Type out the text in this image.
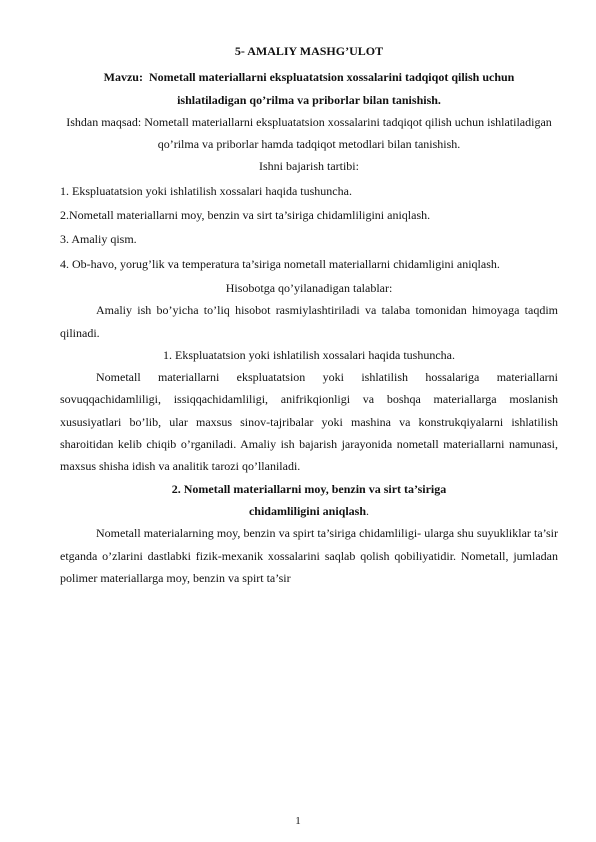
5- AMALIY MASHG’ULOT

Mavzu: Nometall materiallarni ekspluatatsion xossalarini tadqiqot qilish uchun ishlatiladigan qo’rilma va priborlar bilan tanishish.

Ishdan maqsad: Nometall materiallarni ekspluatatsion xossalarini tadqiqot qilish uchun ishlatiladigan qo’rilma va priborlar hamda tadqiqot metodlari bilan tanishish.

Ishni bajarish tartibi:

1. Ekspluatatsion yoki ishlatilish xossalari haqida tushuncha.

2.Nometall materiallarni moy, benzin va sirt ta’siriga chidamliligini aniqlash.

3. Amaliy qism.

4. Ob-havo, yorug’lik va temperatura ta’siriga nometall materiallarni chidamligini aniqlash.

Hisobotga qo’yilanadigan talablar:

Amaliy ish bo’yicha to’liq hisobot rasmiylashtiriladi va talaba tomonidan himoyaga taqdim qilinadi.

1. Ekspluatatsion yoki ishlatilish xossalari haqida tushuncha.

Nometall materiallarni ekspluatatsion yoki ishlatilish hossalariga materiallarni sovuqqachidamliligi, issiqqachidamliligi, anifrikqionligi va boshqa materiallarga moslanish xususiyatlari bo’lib, ular maxsus sinov-tajribalar yoki mashina va konstrukqiyalarni ishlatilish sharoitidan kelib chiqib o’rganiladi. Amaliy ish bajarish jarayonida nometall materiallarni namunasi, maxsus shisha idish va analitik tarozi qo’llaniladi.

2. Nometall materiallarni moy, benzin va sirt ta’siriga

chidamliligini aniqlash.

Nometall materialarning moy, benzin va spirt ta’siriga chidamliligi- ularga shu suyukliklar ta’sir etganda o’zlarini dastlabki fizik-mexanik xossalarini saqlab qolish qobiliyatidir. Nometall, jumladan polimer materiallarga moy, benzin va spirt ta’sir

1
